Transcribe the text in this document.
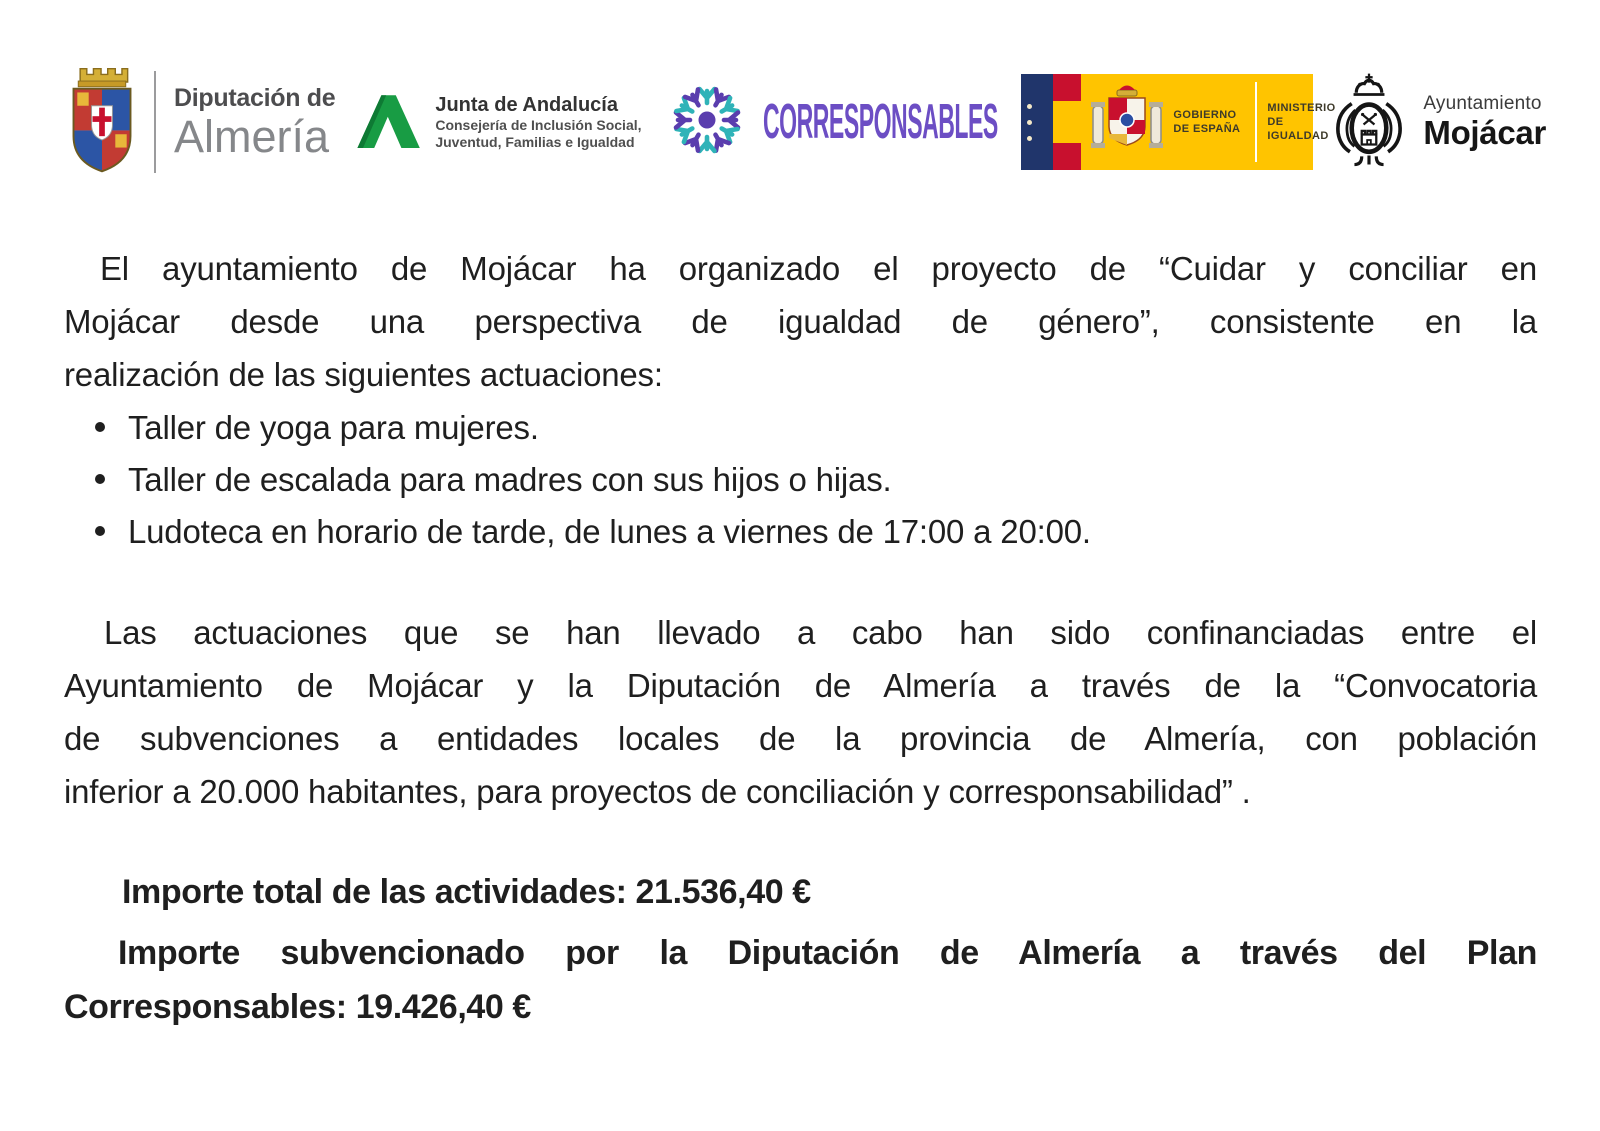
Diputación de
Almería
Junta de Andalucía
Consejería de Inclusión Social,
Juventud, Familias e Igualdad	CORRESPONSABLES	GOBIERNO
DE ESPAÑA
MINISTERIO
DE IGUALDAD
Ayuntamiento
Mojácar
El ayuntamiento de Mojácar ha organizado el proyecto de “Cuidar y conciliar en
Mojácar desde una perspectiva de igualdad de género”, consistente en la
realización de las siguientes actuaciones:
Taller de yoga para mujeres.
Taller de escalada para madres con sus hijos o hijas.
Ludoteca en horario de tarde, de lunes a viernes de 17:00 a 20:00.
Las actuaciones que se han llevado a cabo han sido confinanciadas entre el
Ayuntamiento de Mojácar y la Diputación de Almería a través de la “Convocatoria
de subvenciones a entidades locales de la provincia de Almería, con población
inferior a 20.000 habitantes, para proyectos de conciliación y corresponsabilidad” .
Importe total de las actividades: 21.536,40 €
Importe subvencionado por la Diputación de Almería a través del Plan
Corresponsables: 19.426,40 €
